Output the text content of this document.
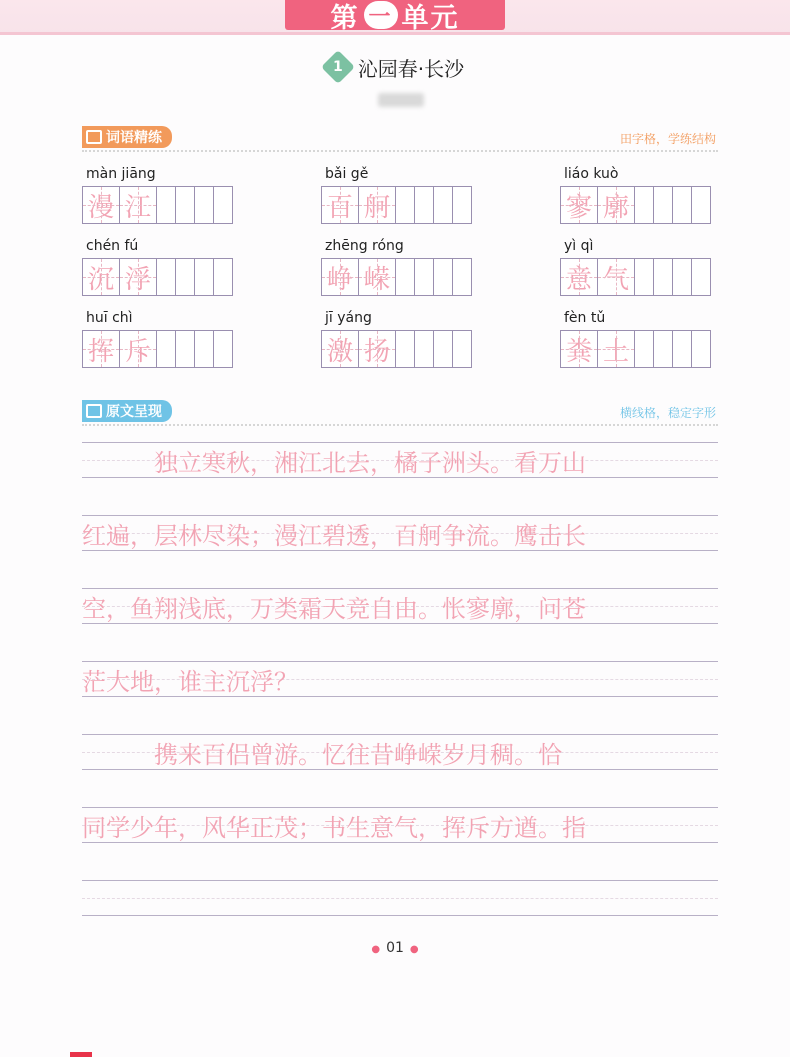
第 一 单元
1 沁园春·长沙
词语精练	田字格，学练结构
màn jiāng
漫 江
bǎi gě
百 舸
liáo kuò
寥 廓
chén fú
沉 浮
zhēng róng
峥 嵘
yì qì
意 气
huī chì
挥 斥
jī yáng
激 扬
fèn tǔ
粪 土
原文呈现	横线格，稳定字形
独立寒秋，湘江北去，橘子洲头。看万山
红遍，层林尽染；漫江碧透，百舸争流。鹰击长
空，鱼翔浅底，万类霜天竞自由。怅寥廓，问苍
茫大地，谁主沉浮？
携来百侣曾游。忆往昔峥嵘岁月稠。恰
同学少年，风华正茂；书生意气，挥斥方遒。指
● 01 ●
